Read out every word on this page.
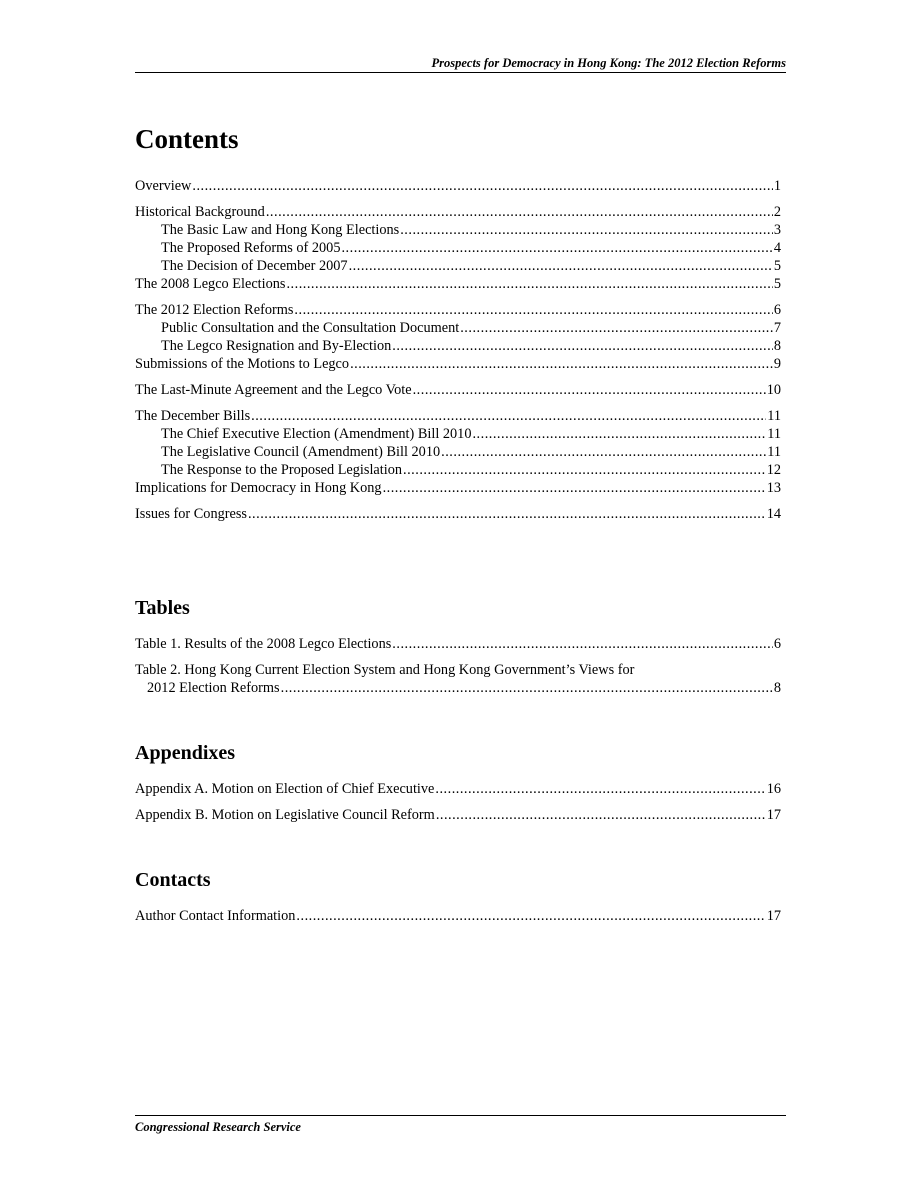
Prospects for Democracy in Hong Kong: The 2012 Election Reforms
Contents
Overview .....	1
Historical Background .....	2
The Basic Law and Hong Kong Elections .....	3
The Proposed Reforms of 2005 .....	4
The Decision of December 2007 .....	5
The 2008 Legco Elections .....	5
The 2012 Election Reforms .....	6
Public Consultation and the Consultation Document .....	7
The Legco Resignation and By-Election .....	8
Submissions of the Motions to Legco .....	9
The Last-Minute Agreement and the Legco Vote .....	10
The December Bills .....	11
The Chief Executive Election (Amendment) Bill 2010 .....	11
The Legislative Council (Amendment) Bill 2010 .....	11
The Response to the Proposed Legislation .....	12
Implications for Democracy in Hong Kong .....	13
Issues for Congress .....	14
Tables
Table 1. Results of the 2008 Legco Elections .....	6
Table 2. Hong Kong Current Election System and Hong Kong Government’s Views for
2012 Election Reforms .....	8
Appendixes
Appendix A. Motion on Election of Chief Executive .....	16
Appendix B. Motion on Legislative Council Reform .....	17
Contacts
Author Contact Information .....	17
Congressional Research Service
